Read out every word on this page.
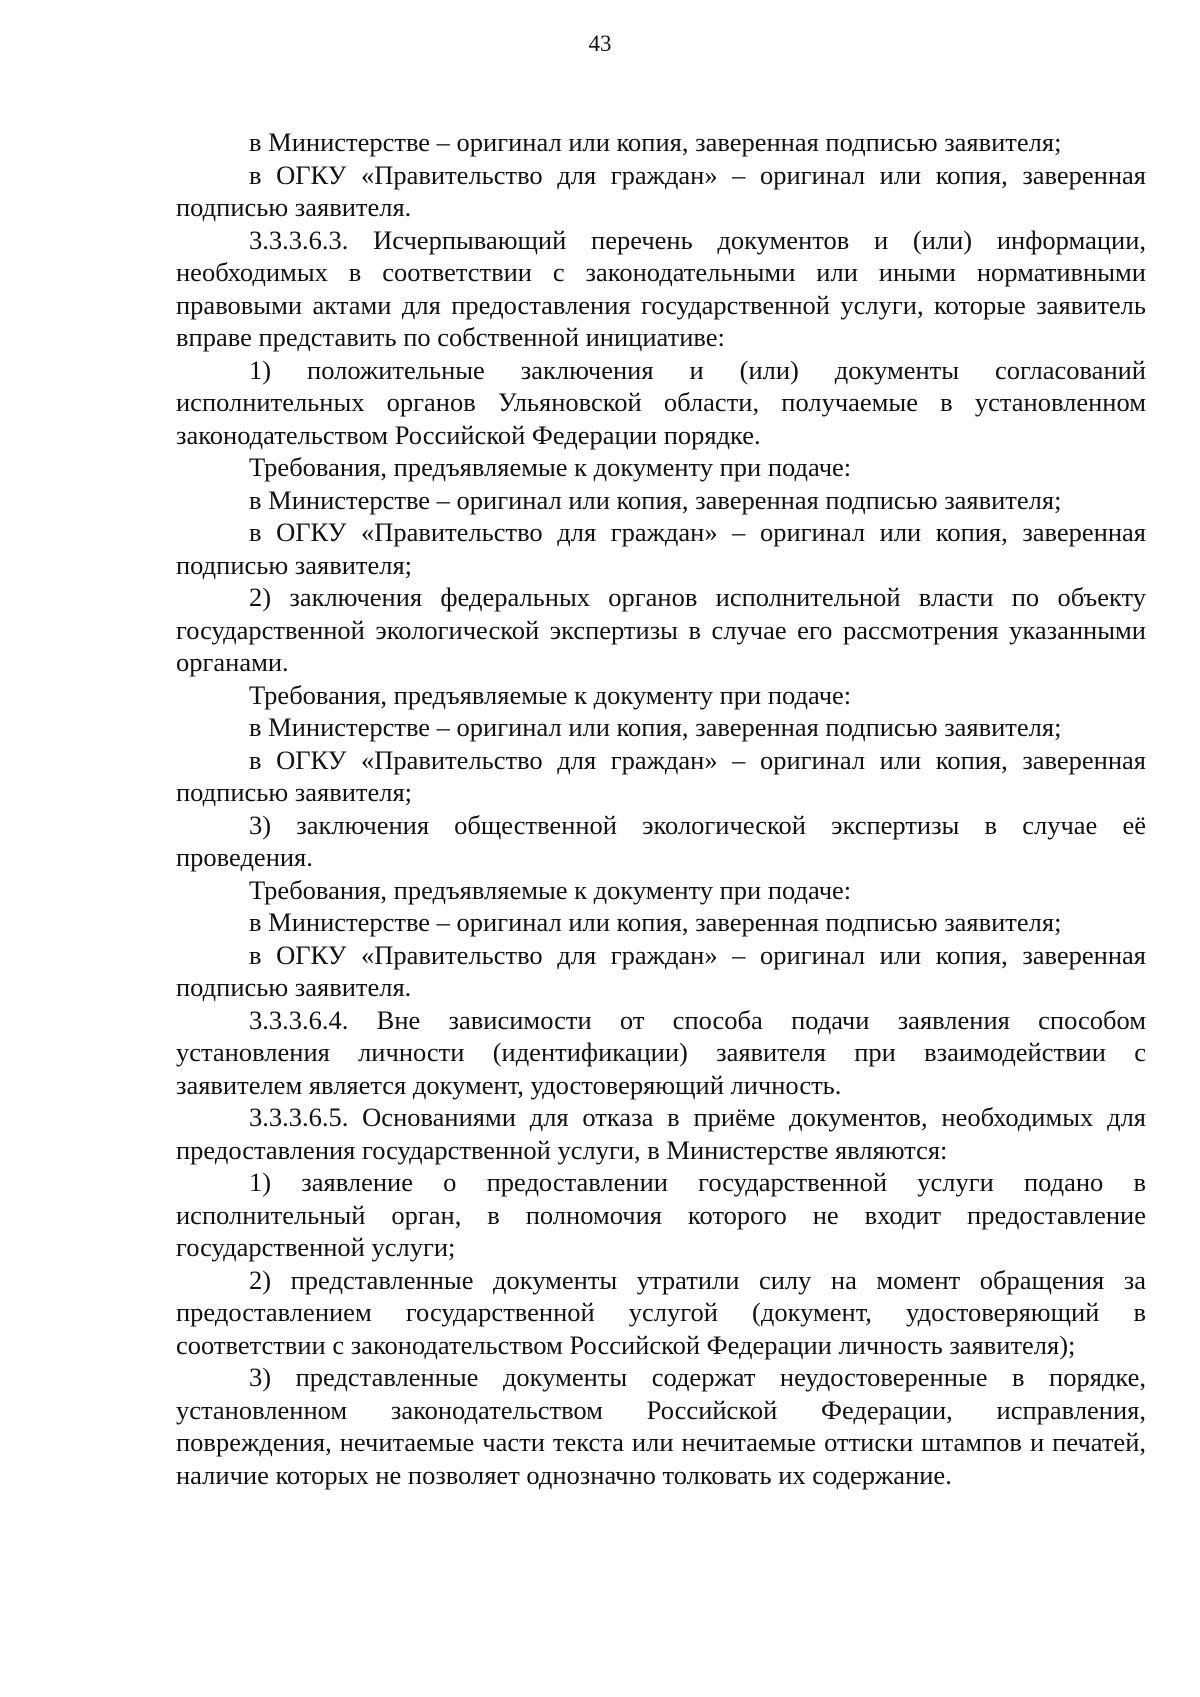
43

в Министерстве – оригинал или копия, заверенная подписью заявителя;

в ОГКУ «Правительство для граждан» – оригинал или копия, заверенная подписью заявителя.

3.3.3.6.3. Исчерпывающий перечень документов и (или) информации, необходимых в соответствии с законодательными или иными нормативными правовыми актами для предоставления государственной услуги, которые заявитель вправе представить по собственной инициативе:

1) положительные заключения и (или) документы согласований исполнительных органов Ульяновской области, получаемые в установленном законодательством Российской Федерации порядке.

Требования, предъявляемые к документу при подаче:

в Министерстве – оригинал или копия, заверенная подписью заявителя;

в ОГКУ «Правительство для граждан» – оригинал или копия, заверенная подписью заявителя;

2) заключения федеральных органов исполнительной власти по объекту государственной экологической экспертизы в случае его рассмотрения указанными органами.

Требования, предъявляемые к документу при подаче:

в Министерстве – оригинал или копия, заверенная подписью заявителя;

в ОГКУ «Правительство для граждан» – оригинал или копия, заверенная подписью заявителя;

3) заключения общественной экологической экспертизы в случае её проведения.

Требования, предъявляемые к документу при подаче:

в Министерстве – оригинал или копия, заверенная подписью заявителя;

в ОГКУ «Правительство для граждан» – оригинал или копия, заверенная подписью заявителя.

3.3.3.6.4. Вне зависимости от способа подачи заявления способом установления личности (идентификации) заявителя при взаимодействии с заявителем является документ, удостоверяющий личность.

3.3.3.6.5. Основаниями для отказа в приёме документов, необходимых для предоставления государственной услуги, в Министерстве являются:

1) заявление о предоставлении государственной услуги подано в исполнительный орган, в полномочия которого не входит предоставление государственной услуги;

2) представленные документы утратили силу на момент обращения за предоставлением государственной услугой (документ, удостоверяющий в соответствии с законодательством Российской Федерации личность заявителя);

3) представленные документы содержат неудостоверенные в порядке, установленном законодательством Российской Федерации, исправления, повреждения, нечитаемые части текста или нечитаемые оттиски штампов и печатей, наличие которых не позволяет однозначно толковать их содержание.
